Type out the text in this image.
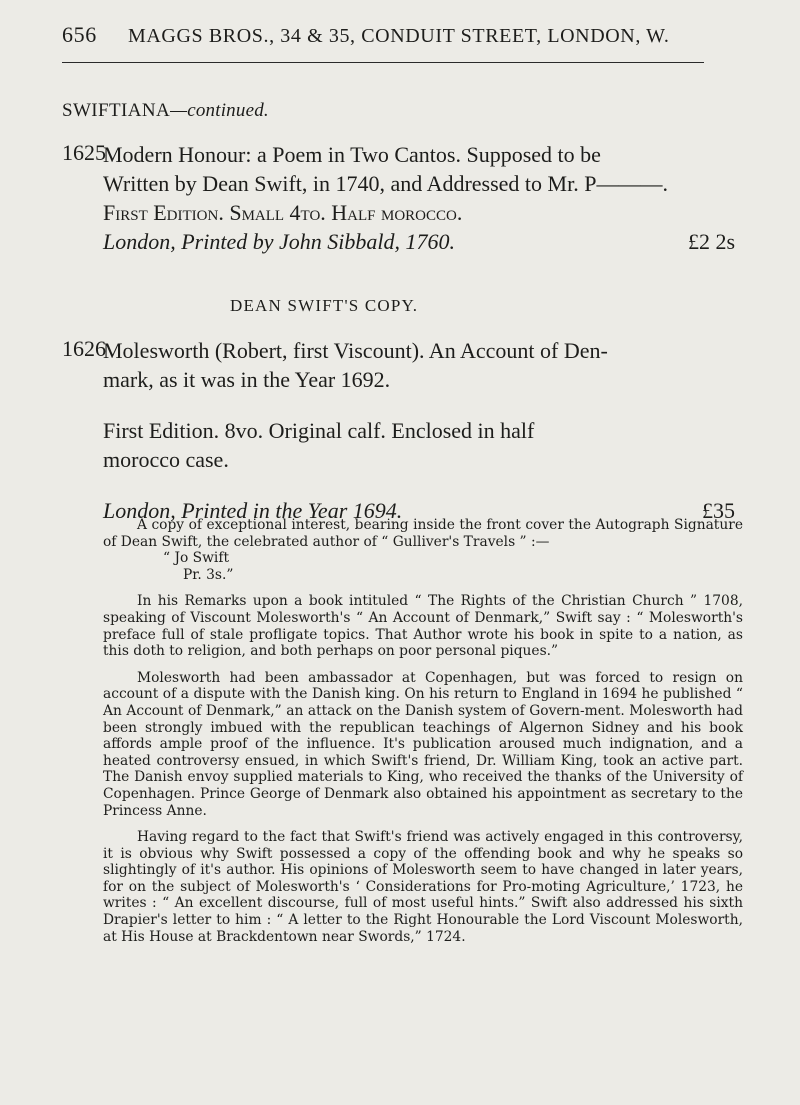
656 MAGGS BROS., 34 & 35, CONDUIT STREET, LONDON, W.
SWIFTIANA—continued.
1625
Modern Honour: a Poem in Two Cantos. Supposed to be
Written by Dean Swift, in 1740, and Addressed to Mr. P———.
First Edition. Small 4to. Half morocco.
London, Printed by John Sibbald, 1760.	£2 2s
DEAN SWIFT'S COPY.
1626
Molesworth (Robert, first Viscount). An Account of Den-
mark, as it was in the Year 1692.
First Edition. 8vo. Original calf. Enclosed in half
morocco case.
London, Printed in the Year 1694.	£35

A copy of exceptional interest, bearing inside the front cover the Autograph Signature of Dean Swift, the celebrated author of “ Gulliver's Travels ” :—

“ Jo Swift

Pr. 3s.”

In his Remarks upon a book intituled “ The Rights of the Christian Church ” 1708, speaking of Viscount Molesworth's “ An Account of Denmark,” Swift say : “ Molesworth's preface full of stale profligate topics. That Author wrote his book in spite to a nation, as this doth to religion, and both perhaps on poor personal piques.”

Molesworth had been ambassador at Copenhagen, but was forced to resign on account of a dispute with the Danish king. On his return to England in 1694 he published “ An Account of Denmark,” an attack on the Danish system of Govern-ment. Molesworth had been strongly imbued with the republican teachings of Algernon Sidney and his book affords ample proof of the influence. It's publication aroused much indignation, and a heated controversy ensued, in which Swift's friend, Dr. William King, took an active part. The Danish envoy supplied materials to King, who received the thanks of the University of Copenhagen. Prince George of Denmark also obtained his appointment as secretary to the Princess Anne.

Having regard to the fact that Swift's friend was actively engaged in this controversy, it is obvious why Swift possessed a copy of the offending book and why he speaks so slightingly of it's author. His opinions of Molesworth seem to have changed in later years, for on the subject of Molesworth's ‘ Considerations for Pro-moting Agriculture,’ 1723, he writes : “ An excellent discourse, full of most useful hints.” Swift also addressed his sixth Drapier's letter to him : “ A letter to the Right Honourable the Lord Viscount Molesworth, at His House at Brackdentown near Swords,” 1724.
